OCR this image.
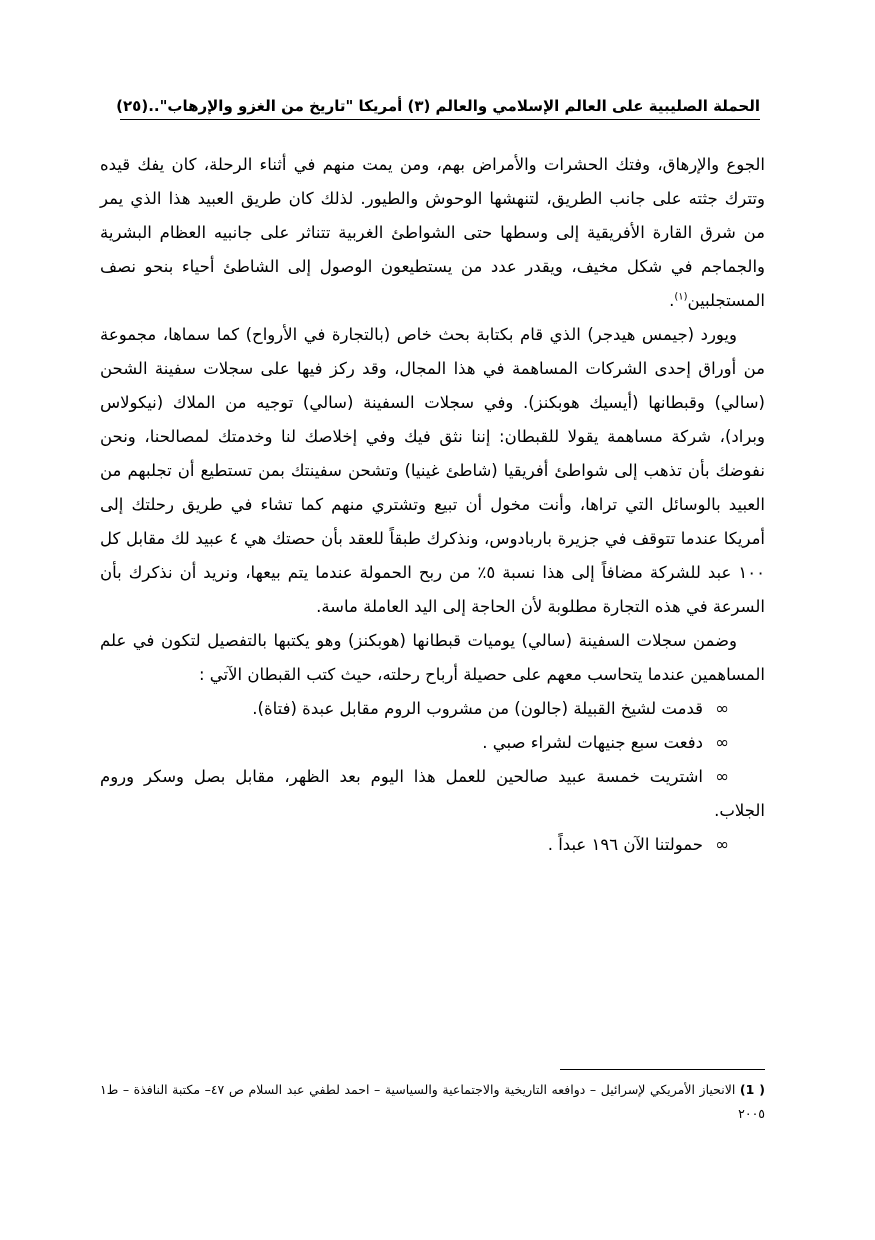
الحملة الصليبية على العالم الإسلامي والعالم (٣) أمريكا "تاريخ من الغزو والإرهاب"..
(٢٥)

الجوع والإرهاق، وفتك الحشرات والأمراض بهم، ومن يمت منهم في أثناء الرحلة، كان يفك قيده وتترك جثته على جانب الطريق، لتنهشها الوحوش والطيور. لذلك كان طريق العبيد هذا الذي يمر من شرق القارة الأفريقية إلى وسطها حتى الشواطئ الغربية تتناثر على جانبيه العظام البشرية والجماجم في شكل مخيف، ويقدر عدد من يستطيعون الوصول إلى الشاطئ أحياء بنحو نصف المستجلبين$^{(١)}$.

ويورد (جيمس هيدجر) الذي قام بكتابة بحث خاص (بالتجارة في الأرواح) كما سماها، مجموعة من أوراق إحدى الشركات المساهمة في هذا المجال، وقد ركز فيها على سجلات سفينة الشحن (سالي) وقبطانها (أيسيك هوبكنز). وفي سجلات السفينة (سالي) توجيه من الملاك (نيكولاس وبراد)، شركة مساهمة يقولا للقبطان: إننا نثق فيك وفي إخلاصك لنا وخدمتك لمصالحنا، ونحن نفوضك بأن تذهب إلى شواطئ أفريقيا (شاطئ غينيا) وتشحن سفينتك بمن تستطيع أن تجلبهم من العبيد بالوسائل التي تراها، وأنت مخول أن تبيع وتشتري منهم كما تشاء في طريق رحلتك إلى أمريكا عندما تتوقف في جزيرة باربادوس، ونذكرك طبقاً للعقد بأن حصتك هي ٤ عبيد لك مقابل كل ١٠٠ عبد للشركة مضافاً إلى هذا نسبة ٥٪ من ربح الحمولة عندما يتم بيعها، ونريد أن نذكرك بأن السرعة في هذه التجارة مطلوبة لأن الحاجة إلى اليد العاملة ماسة.

وضمن سجلات السفينة (سالي) يوميات قبطانها (هوبكنز) وهو يكتبها بالتفصيل لتكون في علم المساهمين عندما يتحاسب معهم على حصيلة أرباح رحلته، حيث كتب القبطان الآتي :

∞قدمت لشيخ القبيلة (جالون) من مشروب الروم مقابل عبدة (فتاة).

∞دفعت سبع جنيهات لشراء صبي .

∞اشتريت خمسة عبيد صالحين للعمل هذا اليوم بعد الظهر، مقابل بصل وسكر وروم الجلاب.

∞حمولتنا الآن ١٩٦ عبداً .

( 1) الانحياز الأمريكي لإسرائيل – دوافعه التاريخية والاجتماعية والسياسية – احمد لطفي عبد السلام ص ٤٧– مكتبة النافذة – ط١ ٢٠٠٥
